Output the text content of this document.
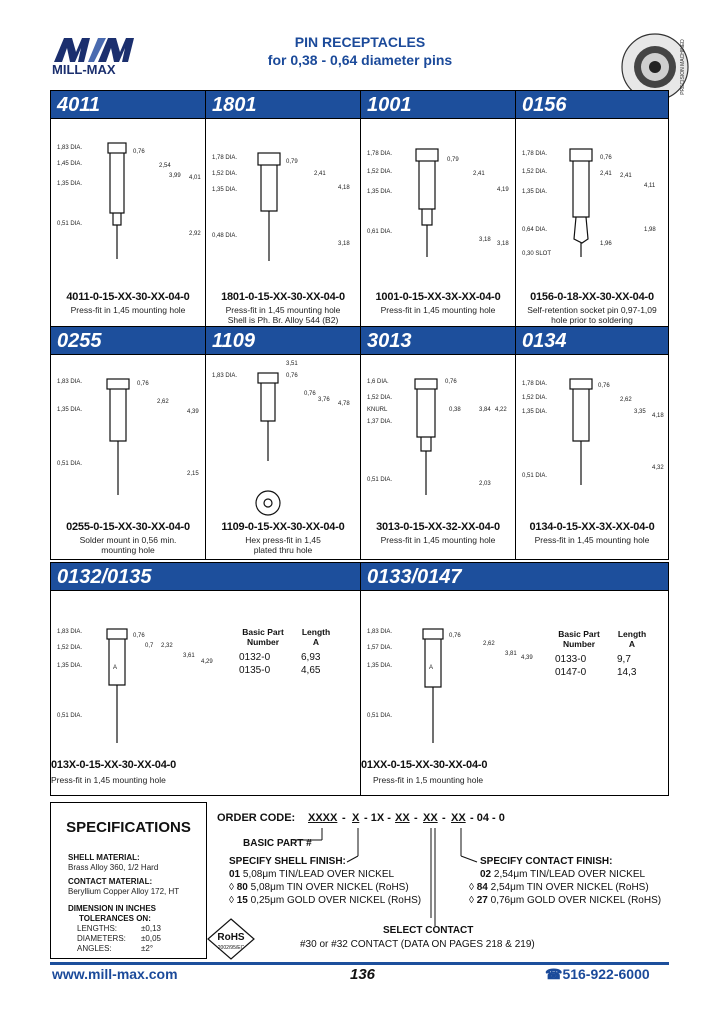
MILL-MAX
PIN RECEPTACLES
for 0,38 - 0,64 diameter pins	PRECISION MACHINED
4011
1,83 DIA.
1,45 DIA.
1,35 DIA.
0,51 DIA.
0,76
2,54
3,99 4,01
2,92
4011-0-15-XX-30-XX-04-0
Press-fit in 1,45 mounting hole
1801
1,78 DIA.
1,52 DIA.
1,35 DIA.
0,48 DIA.
0,79
2,41
4,18
3,18
1801-0-15-XX-30-XX-04-0
Press-fit in 1,45 mounting hole
Shell is Ph. Br. Alloy 544 (B2)
1001
1,78 DIA.
1,52 DIA.
1,35 DIA.
0,61 DIA.
0,79
2,41
4,19
3,18
3,18
1001-0-15-XX-3X-XX-04-0
Press-fit in 1,45 mounting hole
0156
1,78 DIA.
1,52 DIA.
1,35 DIA.
0,64 DIA.
0,30 SLOT
0,76
2,41 2,41
4,11
1,96
1,98
0156-0-18-XX-30-XX-04-0
Self-retention socket pin 0,97-1,09
hole prior to soldering
0255
1,83 DIA.
1,35 DIA.
0,51 DIA.
0,76
2,62
4,39
2,15
0255-0-15-XX-30-XX-04-0
Solder mount in 0,56 min.
mounting hole
1109
1,83 DIA.
3,51
0,76
0,76
3,76
4,78
1109-0-15-XX-30-XX-04-0
Hex press-fit in 1,45
plated thru hole
3013
1,6 DIA.
1,52 DIA.
KNURL
1,37 DIA.
0,51 DIA.
0,76
0,38	3,84 4,22
2,03
3013-0-15-XX-32-XX-04-0
Press-fit in 1,45 mounting hole
0134
1,78 DIA.
1,52 DIA.
1,35 DIA.
0,51 DIA.
0,76
2,62
3,35
4,18
4,32
0134-0-15-XX-3X-XX-04-0
Press-fit in 1,45 mounting hole
0132/0135
1,83 DIA.
1,52 DIA.
1,35 DIA.
0,51 DIA.
0,76
0,7 2,32
3,61
4,29
A
Basic Part
Number
Length
A
0132-0	6,93
0135-0	4,65
013X-0-15-XX-30-XX-04-0
Press-fit in 1,45 mounting hole
0133/0147
1,83 DIA.
1,57 DIA.
1,35 DIA.
0,51 DIA.
0,76
2,62
3,81
4,39
A
Basic Part
Number
Length
A
0133-0	9,7
0147-0	14,3
01XX-0-15-XX-30-XX-04-0
Press-fit in 1,5 mounting hole
SPECIFICATIONS
SHELL MATERIAL:
Brass Alloy 360, 1/2 Hard
CONTACT MATERIAL:
Beryllium Copper Alloy 172, HT
DIMENSION IN INCHES
TOLERANCES ON:
LENGTHS:	±0,13
DIAMETERS: ±0,05
ANGLES:	±2°
RoHS
2002/95/EC
ORDER CODE: XXXX - X - 1X - XX - XX - XX - 04 - 0
BASIC PART #
SPECIFY SHELL FINISH:
01 5,08μm TIN/LEAD OVER NICKEL
◊ 80 5,08μm TIN OVER NICKEL (RoHS)
◊ 15 0,25μm GOLD OVER NICKEL (RoHS)
SPECIFY CONTACT FINISH:
02 2,54μm TIN/LEAD OVER NICKEL
◊ 84 2,54μm TIN OVER NICKEL (RoHS)
◊ 27 0,76μm GOLD OVER NICKEL (RoHS)
SELECT CONTACT
#30 or #32 CONTACT (DATA ON PAGES 218 & 219)
www.mill-max.com	136	☎516-922-6000
